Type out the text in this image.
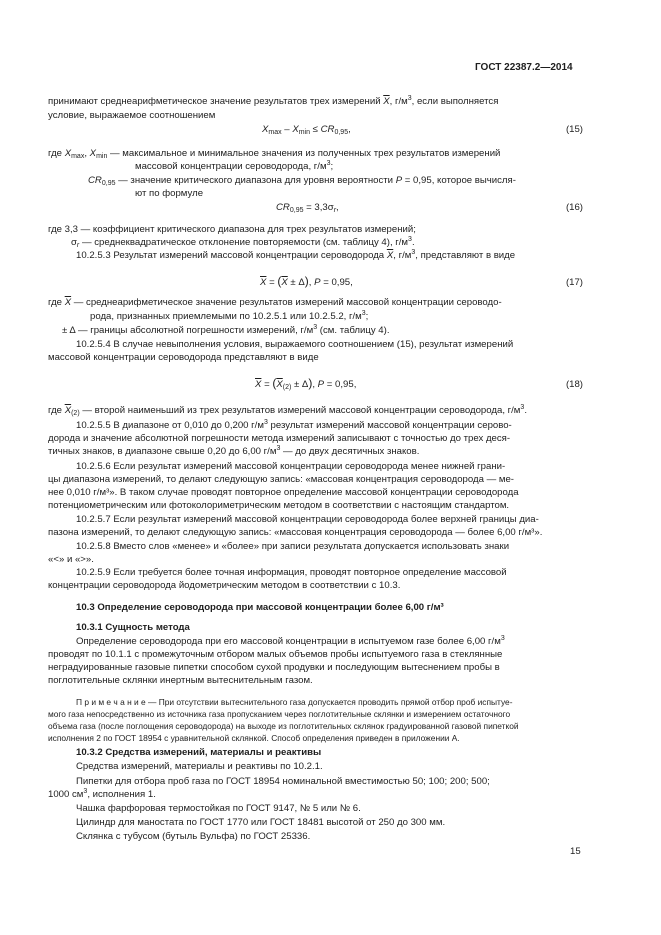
ГОСТ 22387.2—2014
принимают среднеарифметическое значение результатов трех измерений $\overline{X}$, $г/м^3$, если выполняется
условие, выражаемое соотношением
$X_{max} - X_{min} \le CR_{0,95}$,	(15)
где $X_{max}$, $X_{min}$ — максимальное и минимальное значения из полученных трех результатов измерений
массовой концентрации сероводорода, $г/м^3$;
$CR_{0,95}$ — значение критического диапазона для уровня вероятности P = 0,95, которое вычисля-
ют по формуле
$CR_{0,95} = 3,3\sigma_r$,	(16)
где 3,3 — коэффициент критического диапазона для трех результатов измерений;
$\sigma_r$ — среднеквадратическое отклонение повторяемости (см. таблицу 4), $г/м^3$.
10.2.5.3 Результат измерений массовой концентрации сероводорода $\overline{X}$, $г/м^3$, представляют в виде
$\overline{X} = (\overline{X} \pm \Delta)$, P = 0,95,	(17)
где $\overline{X}$ — среднеарифметическое значение результатов измерений массовой концентрации сероводо-
рода, признанных приемлемыми по 10.2.5.1 или 10.2.5.2, $г/м^3$;
± Δ — границы абсолютной погрешности измерений, $г/м^3$ (см. таблицу 4).
10.2.5.4 В случае невыполнения условия, выражаемого соотношением (15), результат измерений
массовой концентрации сероводорода представляют в виде
$\overline{X} = (\overline{X}_{(2)} \pm \Delta)$, P = 0,95,	(18)
где $\overline{X}_{(2)}$ — второй наименьший из трех результатов измерений массовой концентрации сероводорода, $г/м^3$.
10.2.5.5 В диапазоне от 0,010 до 0,200 $г/м^3$ результат измерений массовой концентрации серово-
дорода и значение абсолютной погрешности метода измерений записывают с точностью до трех деся-
тичных знаков, в диапазоне свыше 0,20 до 6,00 $г/м^3$ — до двух десятичных знаков.
10.2.5.6 Если результат измерений массовой концентрации сероводорода менее нижней грани-
цы диапазона измерений, то делают следующую запись: «массовая концентрация сероводорода — ме-
нее 0,010 г/м³». В таком случае проводят повторное определение массовой концентрации сероводорода
потенциометрическим или фотоколориметрическим методом в соответствии с настоящим стандартом.
10.2.5.7 Если результат измерений массовой концентрации сероводорода более верхней границы диа-
пазона измерений, то делают следующую запись: «массовая концентрация сероводорода — более 6,00 г/м³».
10.2.5.8 Вместо слов «менее» и «более» при записи результата допускается использовать знаки
«<» и «>».
10.2.5.9 Если требуется более точная информация, проводят повторное определение массовой
концентрации сероводорода йодометрическим методом в соответствии с 10.3.
10.3 Определение сероводорода при массовой концентрации более 6,00 г/м³
10.3.1 Сущность метода
Определение сероводорода при его массовой концентрации в испытуемом газе более 6,00 $г/м^3$
проводят по 10.1.1 с промежуточным отбором малых объемов пробы испытуемого газа в стеклянные
неградуированные газовые пипетки способом сухой продувки и последующим вытеснением пробы в
поглотительные склянки инертным вытеснительным газом.
П р и м е ч а н и е — При отсутствии вытеснительного газа допускается проводить прямой отбор проб испытуе-
мого газа непосредственно из источника газа пропусканием через поглотительные склянки и измерением остаточного
объема газа (после поглощения сероводорода) на выходе из поглотительных склянок градуированной газовой пипеткой
исполнения 2 по ГОСТ 18954 с уравнительной склянкой. Способ определения приведен в приложении А.
10.3.2 Средства измерений, материалы и реактивы
Средства измерений, материалы и реактивы по 10.2.1.
Пипетки для отбора проб газа по ГОСТ 18954 номинальной вместимостью 50; 100; 200; 500;
1000 $см^3$, исполнения 1.
Чашка фарфоровая термостойкая по ГОСТ 9147, № 5 или № 6.
Цилиндр для маностата по ГОСТ 1770 или ГОСТ 18481 высотой от 250 до 300 мм.
Склянка с тубусом (бутыль Вульфа) по ГОСТ 25336.
15
